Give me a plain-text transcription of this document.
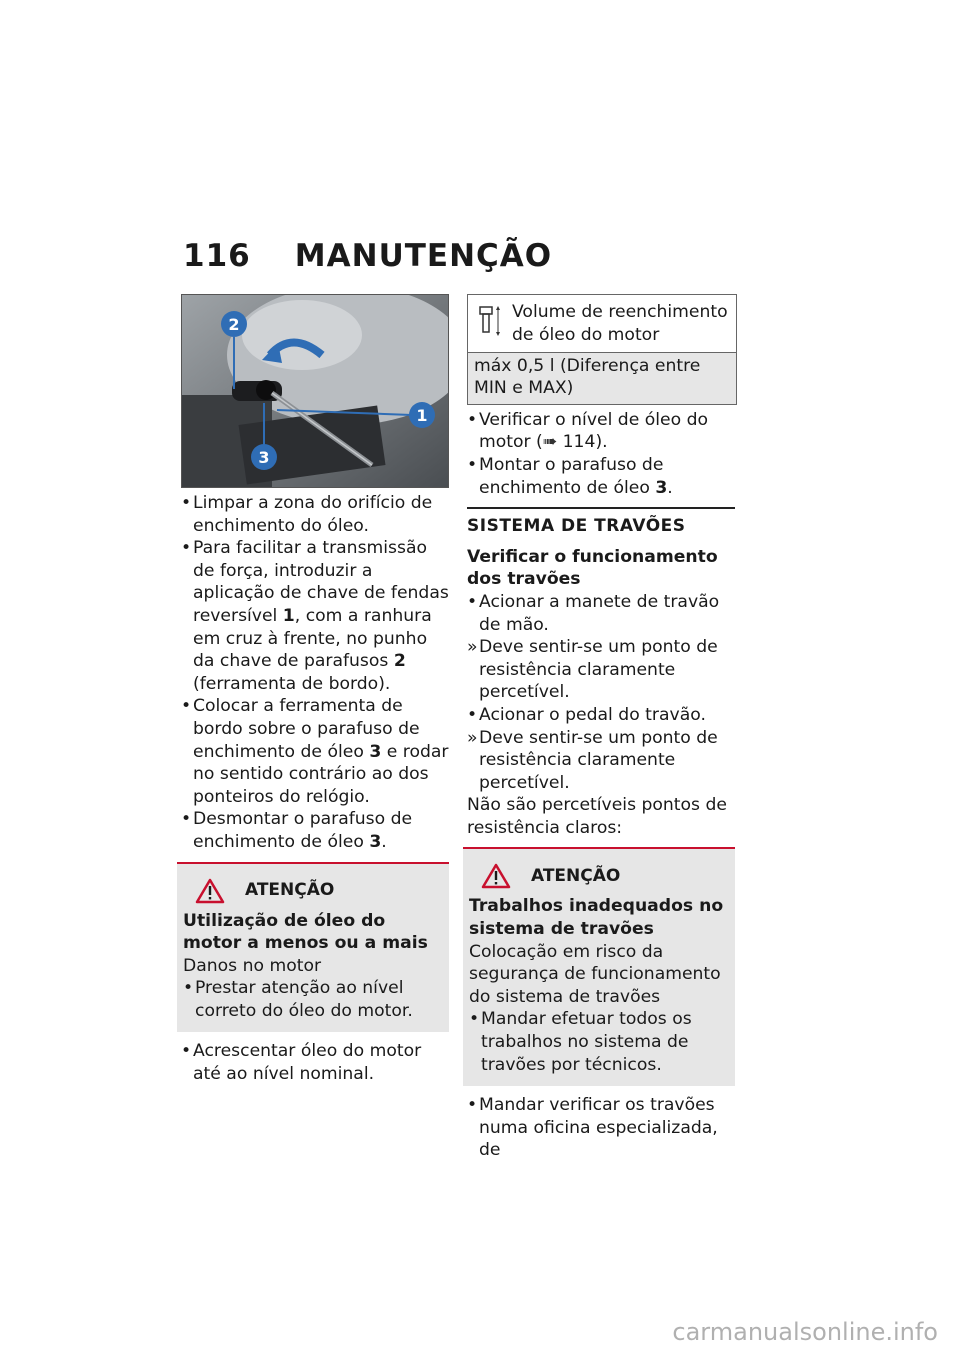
116 MANUTENÇÃO
2
1
3
• Limpar a zona do orifício de enchimento do óleo.
• Para facilitar a transmissão de força, introduzir a aplicação de chave de fendas reversível 1, com a ranhura em cruz à frente, no punho da chave de parafusos 2 (ferramenta de bordo).
• Colocar a ferramenta de bordo sobre o parafuso de enchimento de óleo 3 e rodar no sentido contrário ao dos ponteiros do relógio.
• Desmontar o parafuso de enchimento de óleo 3.
ATENÇÃO
Utilização de óleo do motor a menos ou a mais
Danos no motor
• Prestar atenção ao nível correto do óleo do motor.
• Acrescentar óleo do motor até ao nível nominal.
Volume de reenchimento de óleo do motor
máx 0,5 l (Diferença entre MIN e MAX)
• Verificar o nível de óleo do motor (➠ 114).
• Montar o parafuso de enchimento de óleo 3.
SISTEMA DE TRAVÕES
Verificar o funcionamento dos travões
• Acionar a manete de travão de mão.
» Deve sentir-se um ponto de resistência claramente percetível.
• Acionar o pedal do travão.
» Deve sentir-se um ponto de resistência claramente percetível.
Não são percetíveis pontos de resistência claros:
ATENÇÃO
Trabalhos inadequados no sistema de travões
Colocação em risco da segurança de funcionamento do sistema de travões
• Mandar efetuar todos os trabalhos no sistema de travões por técnicos.
• Mandar verificar os travões numa oficina especializada, de
carmanualsonline.info
